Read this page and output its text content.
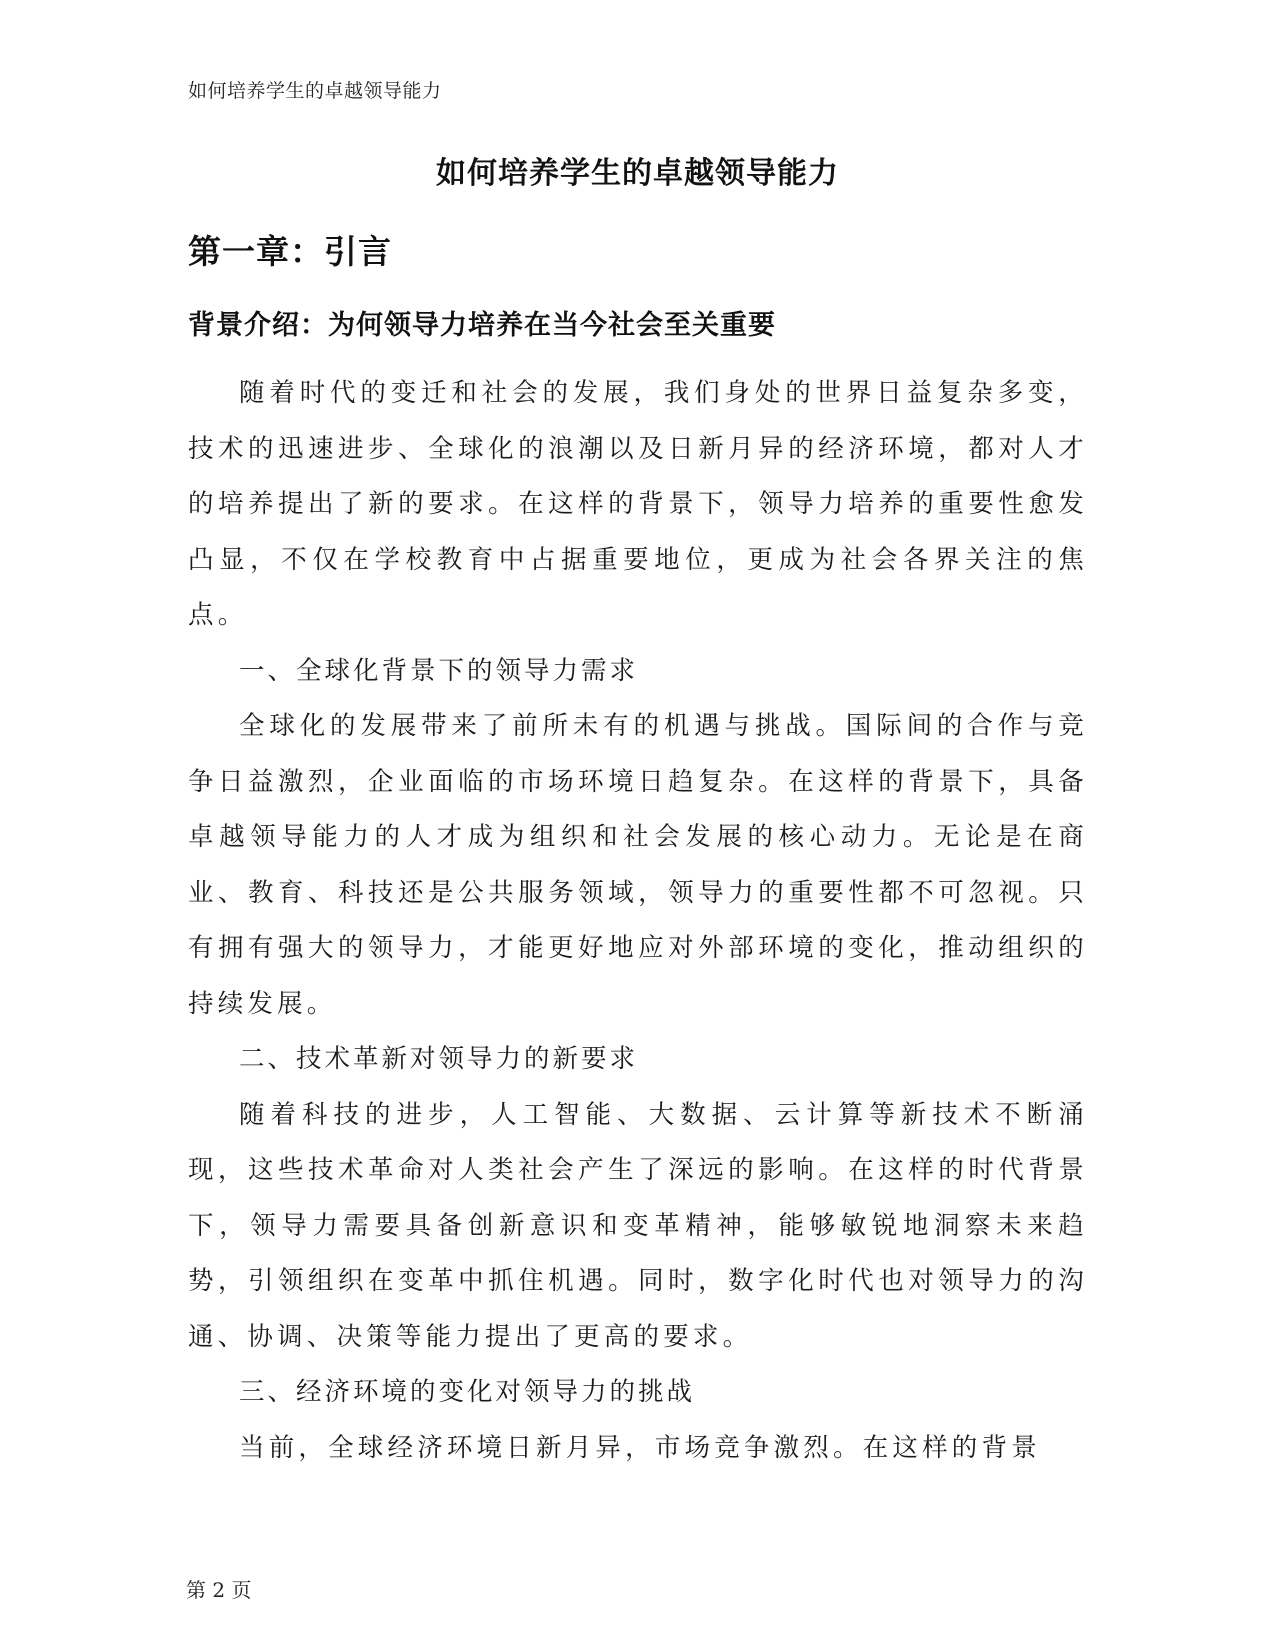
如何培养学生的卓越领导能力
如何培养学生的卓越领导能力
第一章：引言
背景介绍：为何领导力培养在当今社会至关重要

随着时代的变迁和社会的发展，我们身处的世界日益复杂多变，技术的迅速进步、全球化的浪潮以及日新月异的经济环境，都对人才的培养提出了新的要求。在这样的背景下，领导力培养的重要性愈发凸显，不仅在学校教育中占据重要地位，更成为社会各界关注的焦点。

一、全球化背景下的领导力需求

全球化的发展带来了前所未有的机遇与挑战。国际间的合作与竞争日益激烈，企业面临的市场环境日趋复杂。在这样的背景下，具备卓越领导能力的人才成为组织和社会发展的核心动力。无论是在商业、教育、科技还是公共服务领域，领导力的重要性都不可忽视。只有拥有强大的领导力，才能更好地应对外部环境的变化，推动组织的持续发展。

二、技术革新对领导力的新要求

随着科技的进步，人工智能、大数据、云计算等新技术不断涌现，这些技术革命对人类社会产生了深远的影响。在这样的时代背景下，领导力需要具备创新意识和变革精神，能够敏锐地洞察未来趋势，引领组织在变革中抓住机遇。同时，数字化时代也对领导力的沟通、协调、决策等能力提出了更高的要求。

三、经济环境的变化对领导力的挑战

当前，全球经济环境日新月异，市场竞争激烈。在这样的背景

第 2 页
